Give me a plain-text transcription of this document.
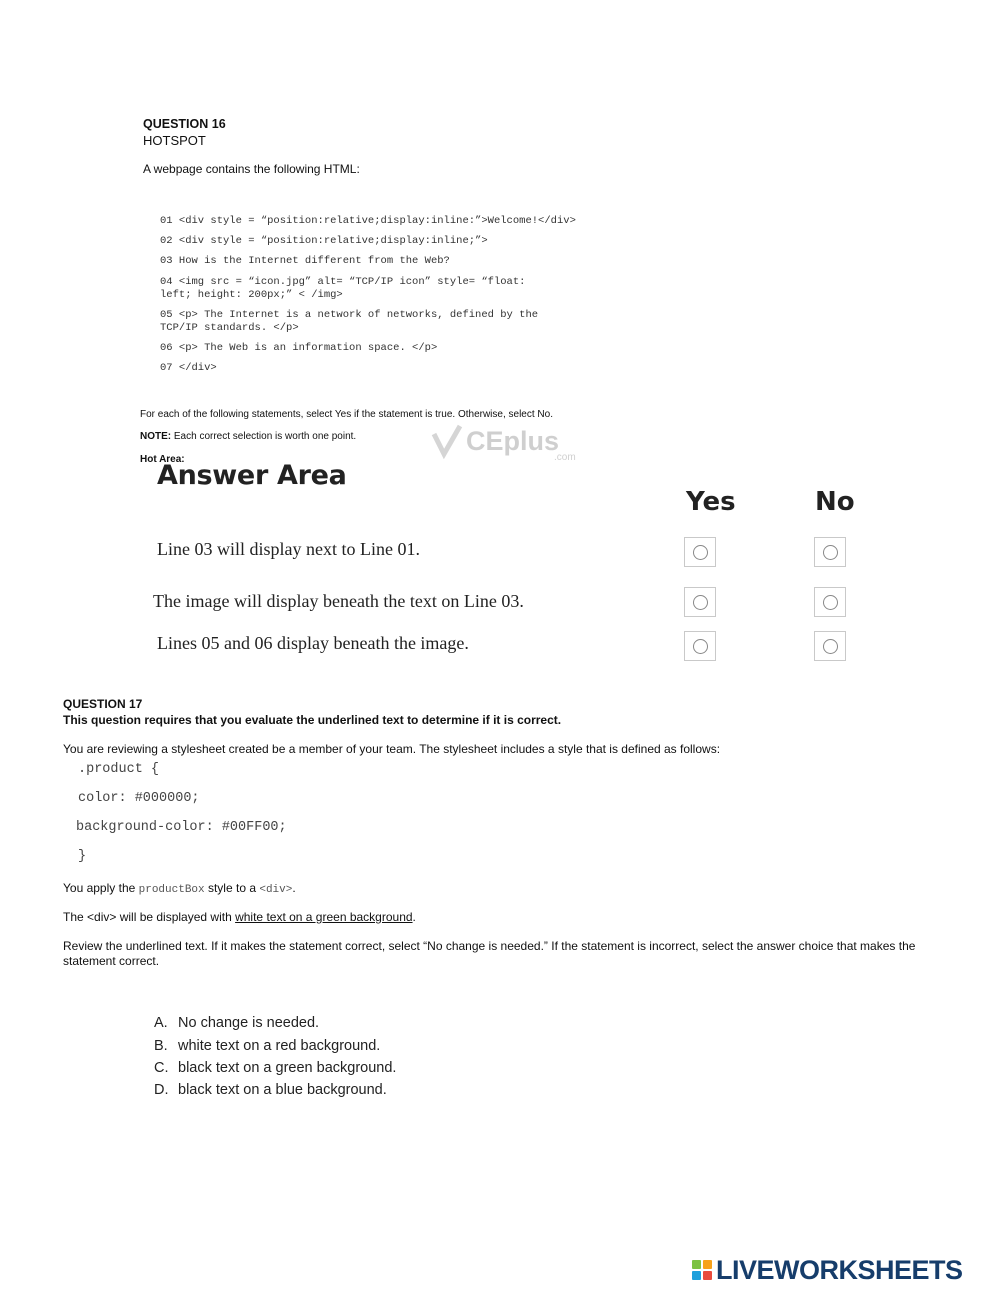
QUESTION 16
HOTSPOT
A webpage contains the following HTML:
01 <div style = “position:relative;display:inline:”>Welcome!</div>
02 <div style = “position:relative;display:inline;”>
03 How is the Internet different from the Web?
04 <img src = “icon.jpg” alt= “TCP/IP icon” style= “float:
left; height: 200px;” < /img>
05 <p> The Internet is a network of networks, defined by the
TCP/IP standards. </p>
06 <p> The Web is an information space. </p>
07 </div>
For each of the following statements, select Yes if the statement is true. Otherwise, select No.
NOTE: Each correct selection is worth one point.
Hot Area:
CEplus
.com
Answer Area
Yes	No
Line 03 will display next to Line 01.
The image will display beneath the text on Line 03.
Lines 05 and 06 display beneath the image.
QUESTION 17
This question requires that you evaluate the underlined text to determine if it is correct.
You are reviewing a stylesheet created be a member of your team. The stylesheet includes a style that is defined as follows:
.product {
color: #000000;
background-color: #00FF00;
}
You apply the productBox style to a <div>.
The <div> will be displayed with white text on a green background.
Review the underlined text. If it makes the statement correct, select “No change is needed.” If the statement is incorrect, select the answer choice that makes the
statement correct.
A. No change is needed.
B. white text on a red background.
C. black text on a green background.
D. black text on a blue background.
LIVEWORKSHEETS
